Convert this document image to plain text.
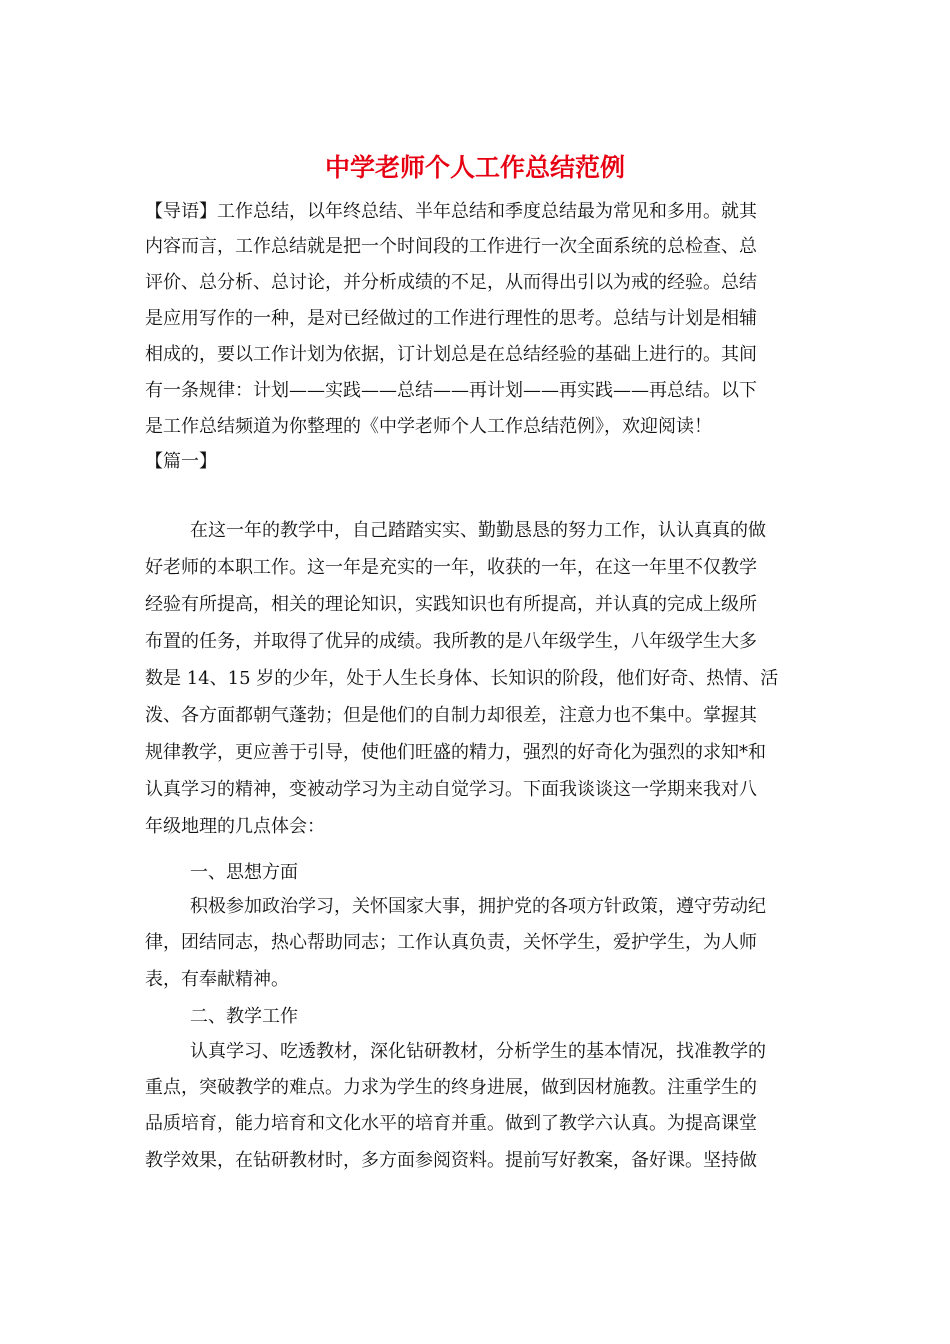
中学老师个人工作总结范例
【导语】工作总结，以年终总结、半年总结和季度总结最为常见和多用。就其
内容而言，工作总结就是把一个时间段的工作进行一次全面系统的总检查、总
评价、总分析、总讨论，并分析成绩的不足，从而得出引以为戒的经验。总结
是应用写作的一种，是对已经做过的工作进行理性的思考。总结与计划是相辅
相成的，要以工作计划为依据，订计划总是在总结经验的基础上进行的。其间
有一条规律：计划——实践——总结——再计划——再实践——再总结。以下
是工作总结频道为你整理的《中学老师个人工作总结范例》，欢迎阅读！
【篇一】
在这一年的教学中，自己踏踏实实、勤勤恳恳的努力工作，认认真真的做
好老师的本职工作。这一年是充实的一年，收获的一年，在这一年里不仅教学
经验有所提高，相关的理论知识，实践知识也有所提高，并认真的完成上级所
布置的任务，并取得了优异的成绩。我所教的是八年级学生，八年级学生大多
数是 14、15 岁的少年，处于人生长身体、长知识的阶段，他们好奇、热情、活
泼、各方面都朝气蓬勃；但是他们的自制力却很差，注意力也不集中。掌握其
规律教学，更应善于引导，使他们旺盛的精力，强烈的好奇化为强烈的求知*和
认真学习的精神，变被动学习为主动自觉学习。下面我谈谈这一学期来我对八
年级地理的几点体会：
一、思想方面
积极参加政治学习，关怀国家大事，拥护党的各项方针政策，遵守劳动纪
律，团结同志，热心帮助同志；工作认真负责，关怀学生，爱护学生，为人师
表，有奉献精神。
二、教学工作
认真学习、吃透教材，深化钻研教材，分析学生的基本情况，找准教学的
重点，突破教学的难点。力求为学生的终身进展，做到因材施教。注重学生的
品质培育，能力培育和文化水平的培育并重。做到了教学六认真。为提高课堂
教学效果，在钻研教材时，多方面参阅资料。提前写好教案，备好课。坚持做
